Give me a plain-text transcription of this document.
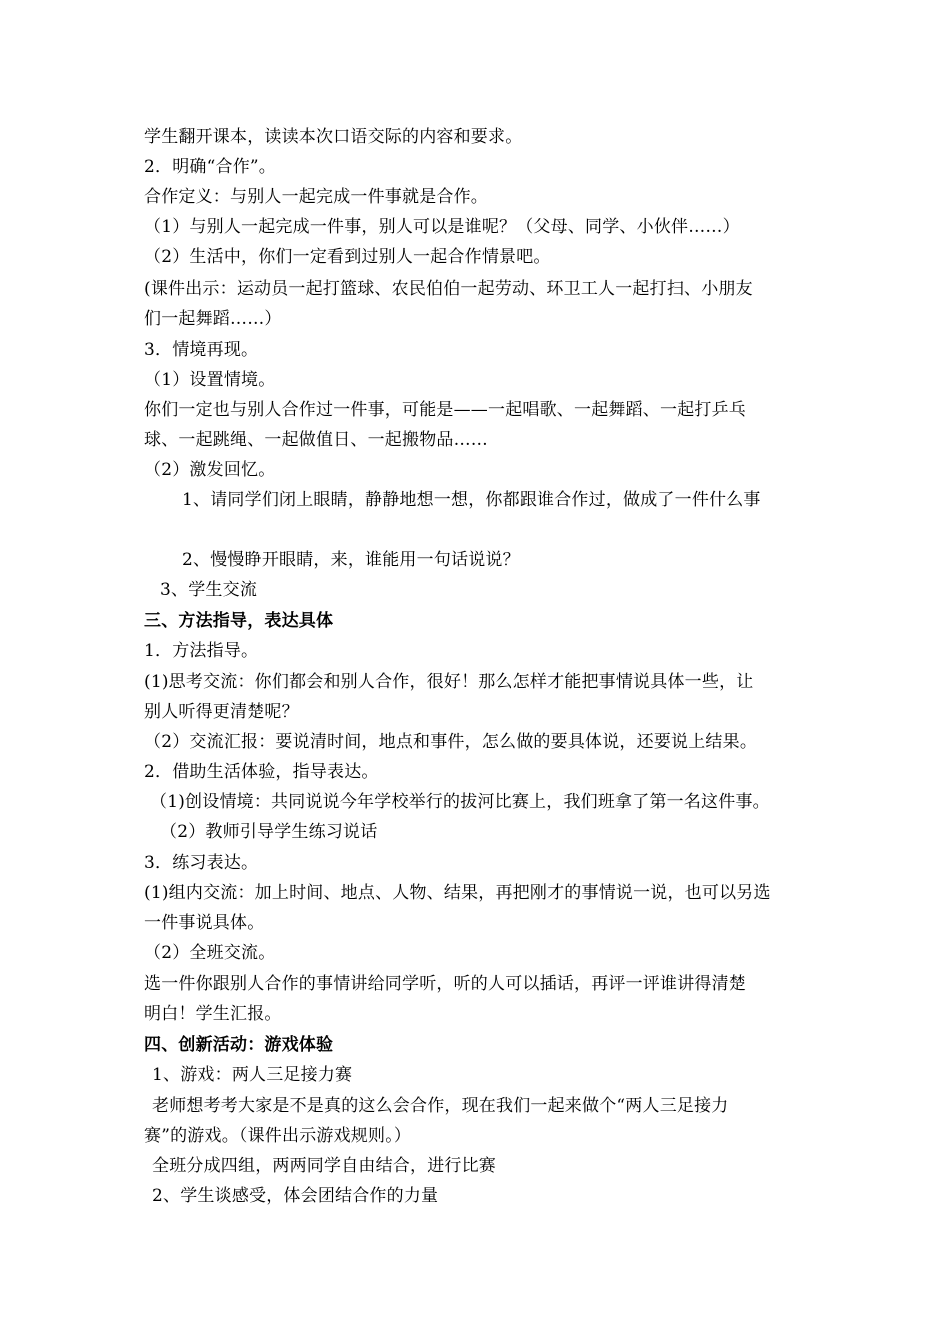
学生翻开课本，读读本次口语交际的内容和要求。
2．明确“合作”。
合作定义：与别人一起完成一件事就是合作。
（1）与别人一起完成一件事，别人可以是谁呢？（父母、同学、小伙伴……）
（2）生活中，你们一定看到过别人一起合作情景吧。
(课件出示：运动员一起打篮球、农民伯伯一起劳动、环卫工人一起打扫、小朋友
们一起舞蹈……）
3．情境再现。
（1）设置情境。
你们一定也与别人合作过一件事，可能是——一起唱歌、一起舞蹈、一起打乒乓
球、一起跳绳、一起做值日、一起搬物品……
（2）激发回忆。
1、请同学们闭上眼睛，静静地想一想，你都跟谁合作过，做成了一件什么事
2、慢慢睁开眼睛，来，谁能用一句话说说？
3、学生交流
三、方法指导，表达具体
1．方法指导。
(1)思考交流：你们都会和别人合作，很好！那么怎样才能把事情说具体一些，让
别人听得更清楚呢？
（2）交流汇报：要说清时间，地点和事件，怎么做的要具体说，还要说上结果。
2．借助生活体验，指导表达。
（1)创设情境：共同说说今年学校举行的拔河比赛上，我们班拿了第一名这件事。
（2）教师引导学生练习说话
3．练习表达。
(1)组内交流：加上时间、地点、人物、结果，再把刚才的事情说一说，也可以另选
一件事说具体。
（2）全班交流。
选一件你跟别人合作的事情讲给同学听，听的人可以插话，再评一评谁讲得清楚
明白！学生汇报。
四、创新活动：游戏体验
1、游戏：两人三足接力赛
老师想考考大家是不是真的这么会合作，现在我们一起来做个“两人三足接力
赛”的游戏。（课件出示游戏规则。）
全班分成四组，两两同学自由结合，进行比赛
2、学生谈感受，体会团结合作的力量
